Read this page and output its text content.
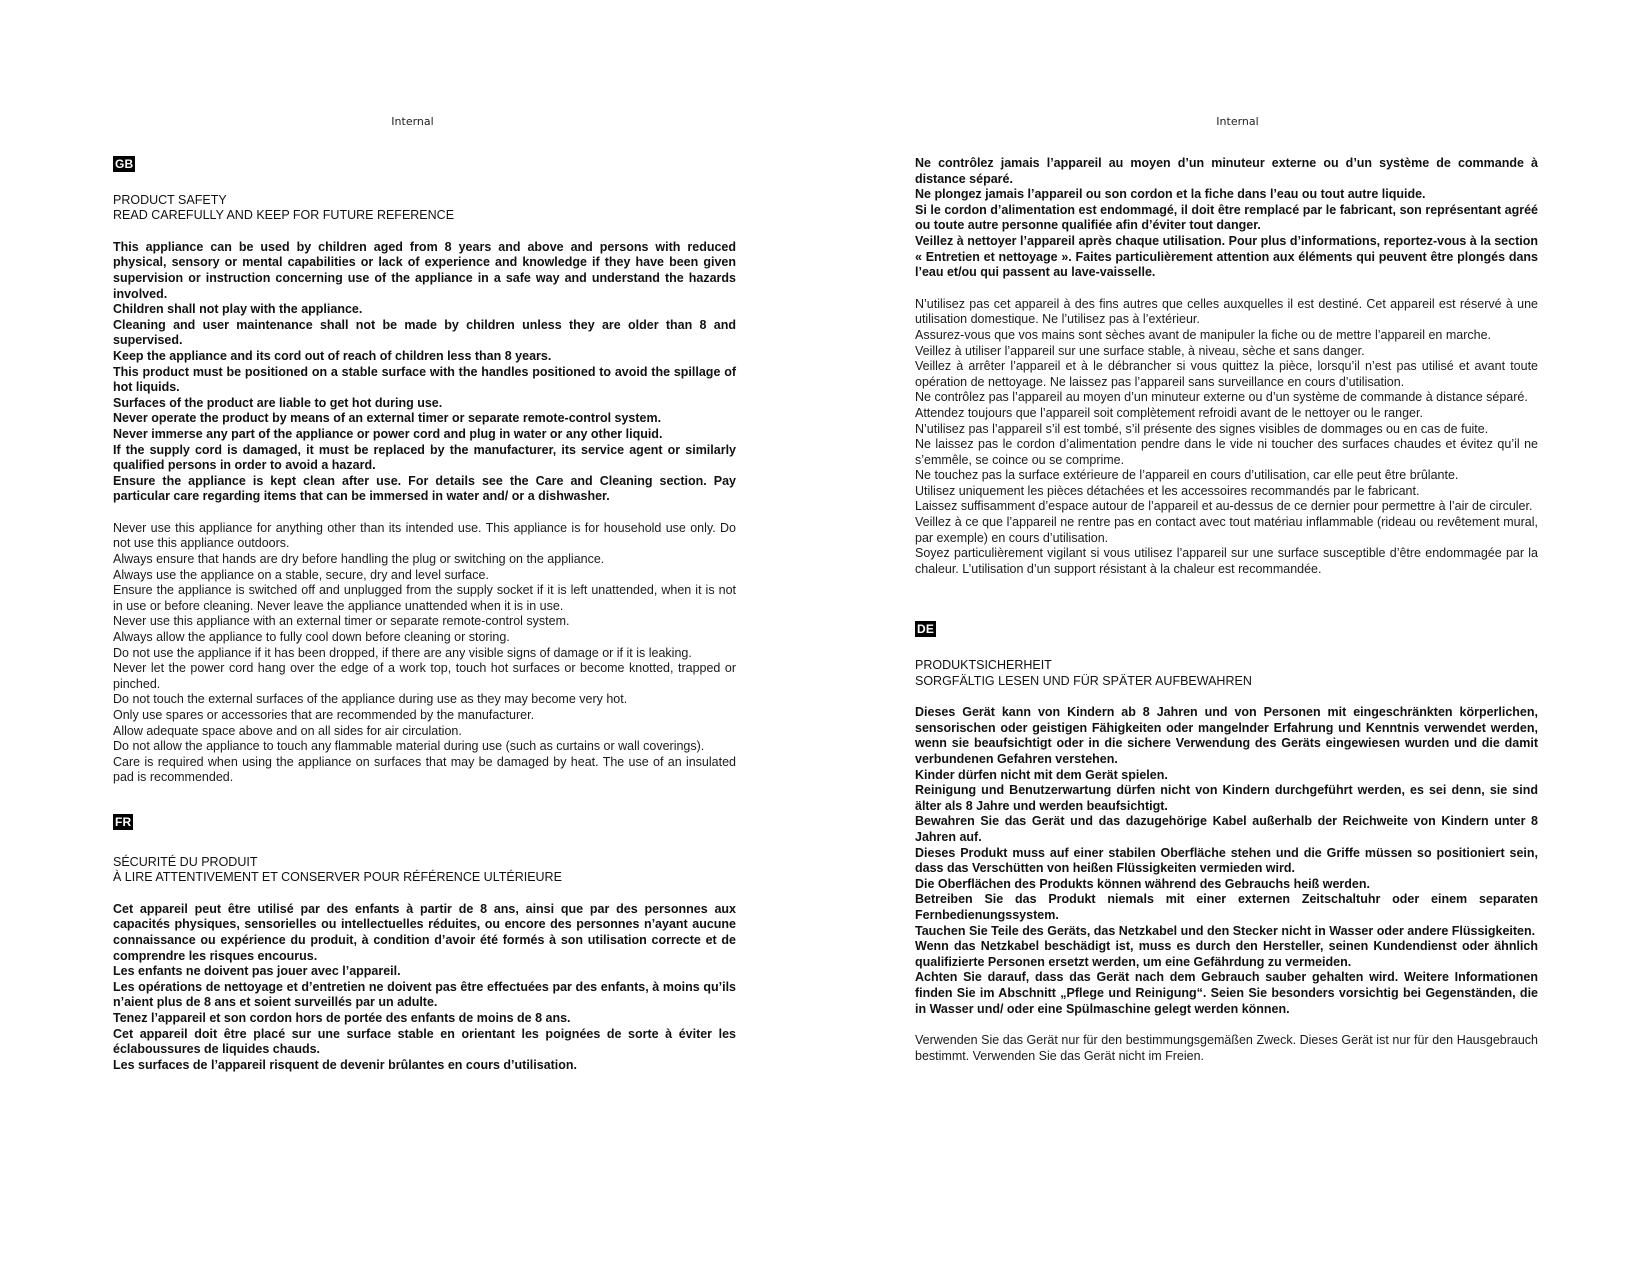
Internal
GB
PRODUCT SAFETY
READ CAREFULLY AND KEEP FOR FUTURE REFERENCE

This appliance can be used by children aged from 8 years and above and persons with reduced physical, sensory or mental capabilities or lack of experience and knowledge if they have been given supervision or instruction concerning use of the appliance in a safe way and understand the hazards involved.

Children shall not play with the appliance.

Cleaning and user maintenance shall not be made by children unless they are older than 8 and supervised.

Keep the appliance and its cord out of reach of children less than 8 years.

This product must be positioned on a stable surface with the handles positioned to avoid the spillage of hot liquids.

Surfaces of the product are liable to get hot during use.

Never operate the product by means of an external timer or separate remote-control system.

Never immerse any part of the appliance or power cord and plug in water or any other liquid.

If the supply cord is damaged, it must be replaced by the manufacturer, its service agent or similarly qualified persons in order to avoid a hazard.

Ensure the appliance is kept clean after use. For details see the Care and Cleaning section. Pay particular care regarding items that can be immersed in water and/ or a dishwasher.

Never use this appliance for anything other than its intended use. This appliance is for household use only. Do not use this appliance outdoors.

Always ensure that hands are dry before handling the plug or switching on the appliance.

Always use the appliance on a stable, secure, dry and level surface.

Ensure the appliance is switched off and unplugged from the supply socket if it is left unattended, when it is not in use or before cleaning. Never leave the appliance unattended when it is in use.

Never use this appliance with an external timer or separate remote-control system.

Always allow the appliance to fully cool down before cleaning or storing.

Do not use the appliance if it has been dropped, if there are any visible signs of damage or if it is leaking.

Never let the power cord hang over the edge of a work top, touch hot surfaces or become knotted, trapped or pinched.

Do not touch the external surfaces of the appliance during use as they may become very hot.

Only use spares or accessories that are recommended by the manufacturer.

Allow adequate space above and on all sides for air circulation.

Do not allow the appliance to touch any flammable material during use (such as curtains or wall coverings).

Care is required when using the appliance on surfaces that may be damaged by heat. The use of an insulated pad is recommended.

FR
SÉCURITÉ DU PRODUIT
À LIRE ATTENTIVEMENT ET CONSERVER POUR RÉFÉRENCE ULTÉRIEURE

Cet appareil peut être utilisé par des enfants à partir de 8 ans, ainsi que par des personnes aux capacités physiques, sensorielles ou intellectuelles réduites, ou encore des personnes n’ayant aucune connaissance ou expérience du produit, à condition d’avoir été formés à son utilisation correcte et de comprendre les risques encourus.

Les enfants ne doivent pas jouer avec l’appareil.

Les opérations de nettoyage et d’entretien ne doivent pas être effectuées par des enfants, à moins qu’ils n’aient plus de 8 ans et soient surveillés par un adulte.

Tenez l’appareil et son cordon hors de portée des enfants de moins de 8 ans.

Cet appareil doit être placé sur une surface stable en orientant les poignées de sorte à éviter les éclaboussures de liquides chauds.

Les surfaces de l’appareil risquent de devenir brûlantes en cours d’utilisation.

Internal

Ne contrôlez jamais l’appareil au moyen d’un minuteur externe ou d’un système de commande à distance séparé.

Ne plongez jamais l’appareil ou son cordon et la fiche dans l’eau ou tout autre liquide.

Si le cordon d’alimentation est endommagé, il doit être remplacé par le fabricant, son représentant agréé ou toute autre personne qualifiée afin d’éviter tout danger.

Veillez à nettoyer l’appareil après chaque utilisation. Pour plus d’informations, reportez-vous à la section « Entretien et nettoyage ». Faites particulièrement attention aux éléments qui peuvent être plongés dans l’eau et/ou qui passent au lave-vaisselle.

N’utilisez pas cet appareil à des fins autres que celles auxquelles il est destiné. Cet appareil est réservé à une utilisation domestique. Ne l’utilisez pas à l’extérieur.

Assurez-vous que vos mains sont sèches avant de manipuler la fiche ou de mettre l’appareil en marche.

Veillez à utiliser l’appareil sur une surface stable, à niveau, sèche et sans danger.

Veillez à arrêter l’appareil et à le débrancher si vous quittez la pièce, lorsqu’il n’est pas utilisé et avant toute opération de nettoyage. Ne laissez pas l’appareil sans surveillance en cours d’utilisation.

Ne contrôlez pas l’appareil au moyen d’un minuteur externe ou d’un système de commande à distance séparé.

Attendez toujours que l’appareil soit complètement refroidi avant de le nettoyer ou le ranger.

N’utilisez pas l’appareil s’il est tombé, s’il présente des signes visibles de dommages ou en cas de fuite.

Ne laissez pas le cordon d’alimentation pendre dans le vide ni toucher des surfaces chaudes et évitez qu’il ne s’emmêle, se coince ou se comprime.

Ne touchez pas la surface extérieure de l’appareil en cours d’utilisation, car elle peut être brûlante.

Utilisez uniquement les pièces détachées et les accessoires recommandés par le fabricant.

Laissez suffisamment d’espace autour de l’appareil et au-dessus de ce dernier pour permettre à l’air de circuler.

Veillez à ce que l’appareil ne rentre pas en contact avec tout matériau inflammable (rideau ou revêtement mural, par exemple) en cours d’utilisation.

Soyez particulièrement vigilant si vous utilisez l’appareil sur une surface susceptible d’être endommagée par la chaleur. L’utilisation d’un support résistant à la chaleur est recommandée.

DE
PRODUKTSICHERHEIT
SORGFÄLTIG LESEN UND FÜR SPÄTER AUFBEWAHREN

Dieses Gerät kann von Kindern ab 8 Jahren und von Personen mit eingeschränkten körperlichen, sensorischen oder geistigen Fähigkeiten oder mangelnder Erfahrung und Kenntnis verwendet werden, wenn sie beaufsichtigt oder in die sichere Verwendung des Geräts eingewiesen wurden und die damit verbundenen Gefahren verstehen.

Kinder dürfen nicht mit dem Gerät spielen.

Reinigung und Benutzerwartung dürfen nicht von Kindern durchgeführt werden, es sei denn, sie sind älter als 8 Jahre und werden beaufsichtigt.

Bewahren Sie das Gerät und das dazugehörige Kabel außerhalb der Reichweite von Kindern unter 8 Jahren auf.

Dieses Produkt muss auf einer stabilen Oberfläche stehen und die Griffe müssen so positioniert sein, dass das Verschütten von heißen Flüssigkeiten vermieden wird.

Die Oberflächen des Produkts können während des Gebrauchs heiß werden.

Betreiben Sie das Produkt niemals mit einer externen Zeitschaltuhr oder einem separaten Fernbedienungssystem.

Tauchen Sie Teile des Geräts, das Netzkabel und den Stecker nicht in Wasser oder andere Flüssigkeiten.

Wenn das Netzkabel beschädigt ist, muss es durch den Hersteller, seinen Kundendienst oder ähnlich qualifizierte Personen ersetzt werden, um eine Gefährdung zu vermeiden.

Achten Sie darauf, dass das Gerät nach dem Gebrauch sauber gehalten wird. Weitere Informationen finden Sie im Abschnitt „Pflege und Reinigung“. Seien Sie besonders vorsichtig bei Gegenständen, die in Wasser und/ oder eine Spülmaschine gelegt werden können.

Verwenden Sie das Gerät nur für den bestimmungsgemäßen Zweck. Dieses Gerät ist nur für den Hausgebrauch bestimmt. Verwenden Sie das Gerät nicht im Freien.
